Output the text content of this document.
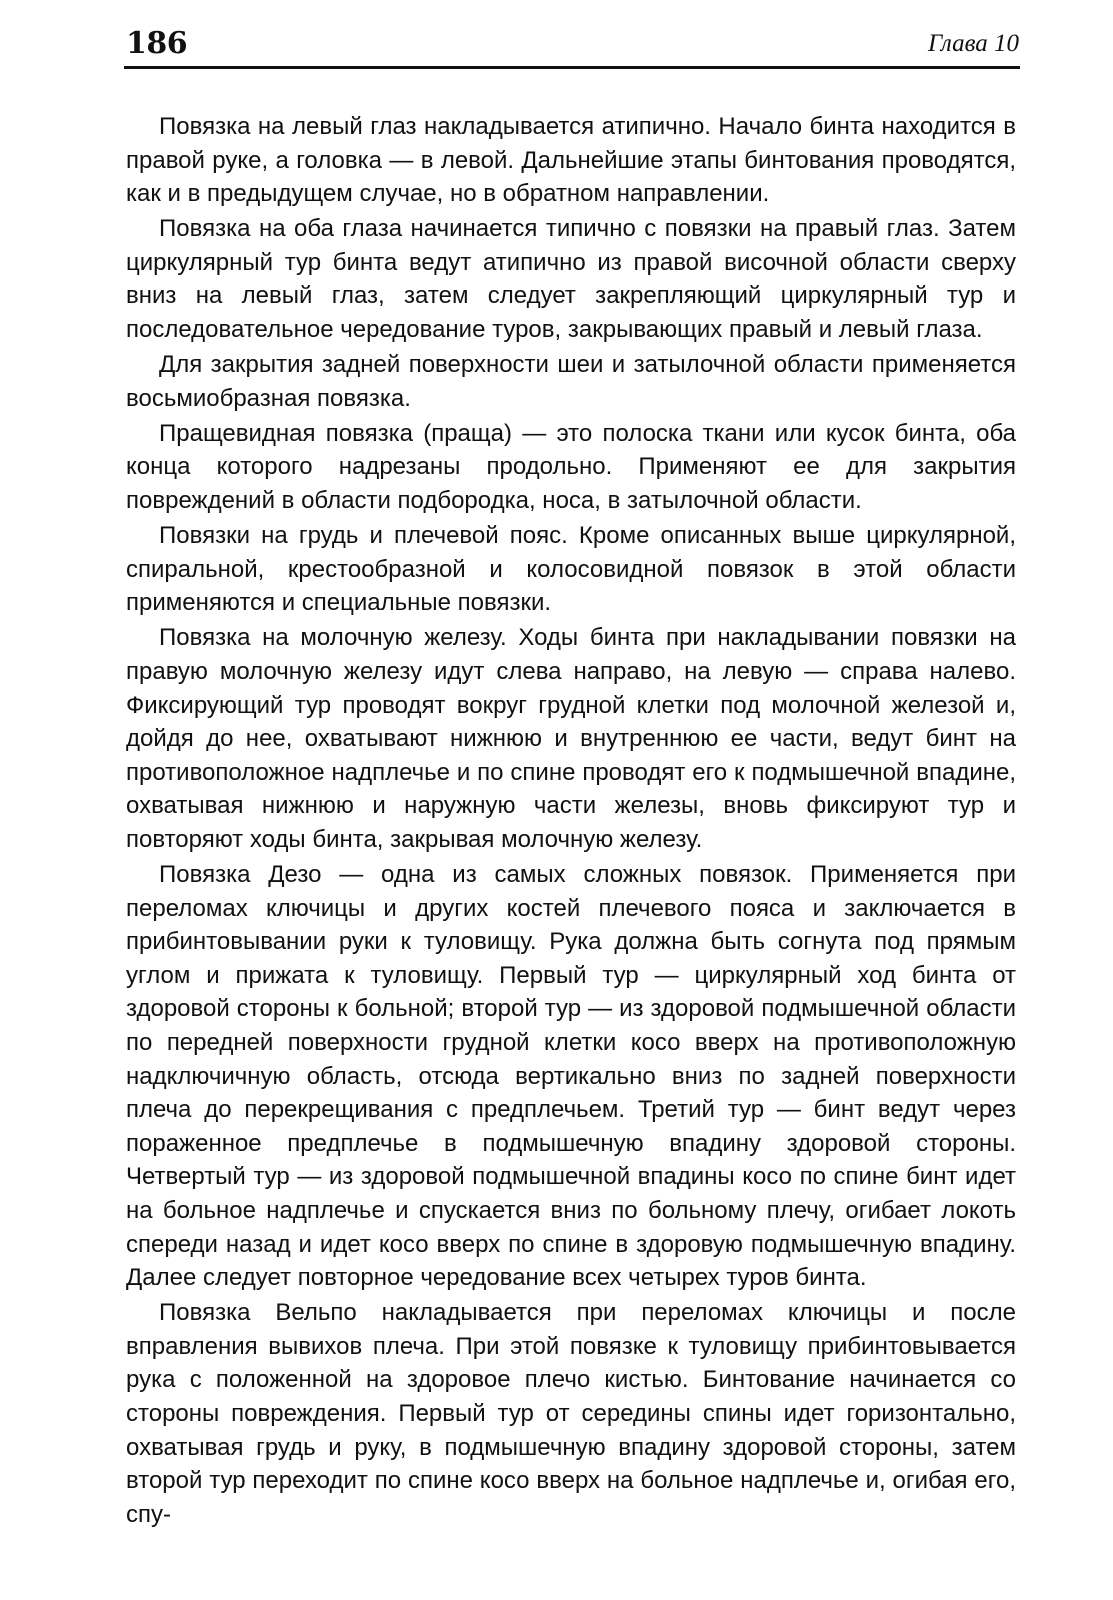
186	Глава 10

Повязка на левый глаз накладывается атипично. Начало бинта находится в правой руке, а головка — в левой. Дальнейшие этапы бинтования проводятся, как и в предыдущем случае, но в обратном направлении.

Повязка на оба глаза начинается типично с повязки на правый глаз. Затем циркулярный тур бинта ведут атипично из правой височной области сверху вниз на левый глаз, затем следует закрепляющий циркулярный тур и последовательное чередование туров, закрывающих правый и левый глаза.

Для закрытия задней поверхности шеи и затылочной области применяется восьмиобразная повязка.

Пращевидная повязка (праща) — это полоска ткани или кусок бинта, оба конца которого надрезаны продольно. Применяют ее для закрытия повреждений в области подбородка, носа, в затылочной области.

Повязки на грудь и плечевой пояс. Кроме описанных выше циркулярной, спиральной, крестообразной и колосовидной повязок в этой области применяются и специальные повязки.

Повязка на молочную железу. Ходы бинта при накладывании повязки на правую молочную железу идут слева направо, на левую — справа налево. Фиксирующий тур проводят вокруг грудной клетки под молочной железой и, дойдя до нее, охватывают нижнюю и внутреннюю ее части, ведут бинт на противоположное надплечье и по спине проводят его к подмышечной впадине, охватывая нижнюю и наружную части железы, вновь фиксируют тур и повторяют ходы бинта, закрывая молочную железу.

Повязка Дезо — одна из самых сложных повязок. Применяется при переломах ключицы и других костей плечевого пояса и заключается в прибинтовывании руки к туловищу. Рука должна быть согнута под прямым углом и прижата к туловищу. Первый тур — циркулярный ход бинта от здоровой стороны к больной; второй тур — из здоровой подмышечной области по передней поверхности грудной клетки косо вверх на противоположную надключичную область, отсюда вертикально вниз по задней поверхности плеча до перекрещивания с предплечьем. Третий тур — бинт ведут через пораженное предплечье в подмышечную впадину здоровой стороны. Четвертый тур — из здоровой подмышечной впадины косо по спине бинт идет на больное надплечье и спускается вниз по больному плечу, огибает локоть спереди назад и идет косо вверх по спине в здоровую подмышечную впадину. Далее следует повторное чередование всех четырех туров бинта.

Повязка Вельпо накладывается при переломах ключицы и после вправления вывихов плеча. При этой повязке к туловищу прибинтовывается рука с положенной на здоровое плечо кистью. Бинтование начинается со стороны повреждения. Первый тур от середины спины идет горизонтально, охватывая грудь и руку, в подмышечную впадину здоровой стороны, затем второй тур переходит по спине косо вверх на больное надплечье и, огибая его, спу-
